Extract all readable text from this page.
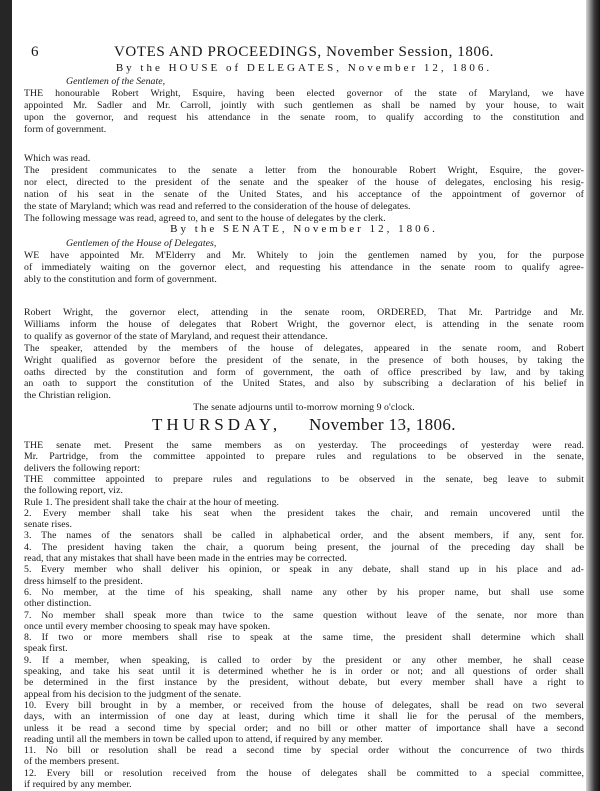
6	VOTES AND PROCEEDINGS, November Session, 1806.
By the HOUSE of DELEGATES, November 12, 1806.
Gentlemen of the Senate,
THE honourable Robert Wright, Esquire, having been elected governor of the state of Maryland, we have
appointed Mr. Sadler and Mr. Carroll, jointly with such gentlemen as shall be named by your house, to wait
upon the governor, and request his attendance in the senate room, to qualify according to the constitution and
form of government.
Which was read.
The president communicates to the senate a letter from the honourable Robert Wright, Esquire, the gover-
nor elect, directed to the president of the senate and the speaker of the house of delegates, enclosing his resig-
nation of his seat in the senate of the United States, and his acceptance of the appointment of governor of
the state of Maryland; which was read and referred to the consideration of the house of delegates.
The following message was read, agreed to, and sent to the house of delegates by the clerk.
By the SENATE, November 12, 1806.
Gentlemen of the House of Delegates,
WE have appointed Mr. M'Elderry and Mr. Whitely to join the gentlemen named by you, for the purpose
of immediately waiting on the governor elect, and requesting his attendance in the senate room to qualify agree-
ably to the constitution and form of government.
Robert Wright, the governor elect, attending in the senate room, ORDERED, That Mr. Partridge and Mr.
Williams inform the house of delegates that Robert Wright, the governor elect, is attending in the senate room
to qualify as governor of the state of Maryland, and request their attendance.
The speaker, attended by the members of the house of delegates, appeared in the senate room, and Robert
Wright qualified as governor before the president of the senate, in the presence of both houses, by taking the
oaths directed by the constitution and form of government, the oath of office prescribed by law, and by taking
an oath to support the constitution of the United States, and also by subscribing a declaration of his belief in
the Christian religion.
The senate adjourns until to-morrow morning 9 o'clock.
THURSDAY, November 13, 1806.
THE senate met. Present the same members as on yesterday. The proceedings of yesterday were read.
Mr. Partridge, from the committee appointed to prepare rules and regulations to be observed in the senate,
delivers the following report:
THE committee appointed to prepare rules and regulations to be observed in the senate, beg leave to submit
the following report, viz.
Rule 1. The president shall take the chair at the hour of meeting.
2. Every member shall take his seat when the president takes the chair, and remain uncovered until the
senate rises.
3. The names of the senators shall be called in alphabetical order, and the absent members, if any, sent for.
4. The president having taken the chair, a quorum being present, the journal of the preceding day shall be
read, that any mistakes that shall have been made in the entries may be corrected.
5. Every member who shall deliver his opinion, or speak in any debate, shall stand up in his place and ad-
dress himself to the president.
6. No member, at the time of his speaking, shall name any other by his proper name, but shall use some
other distinction.
7. No member shall speak more than twice to the same question without leave of the senate, nor more than
once until every member choosing to speak may have spoken.
8. If two or more members shall rise to speak at the same time, the president shall determine which shall
speak first.
9. If a member, when speaking, is called to order by the president or any other member, he shall cease
speaking, and take his seat until it is determined whether he is in order or not; and all questions of order shall
be determined in the first instance by the president, without debate, but every member shall have a right to
appeal from his decision to the judgment of the senate.
10. Every bill brought in by a member, or received from the house of delegates, shall be read on two several
days, with an intermission of one day at least, during which time it shall lie for the perusal of the members,
unless it be read a second time by special order; and no bill or other matter of importance shall have a second
reading until all the members in town be called upon to attend, if required by any member.
11. No bill or resolution shall be read a second time by special order without the concurrence of two thirds
of the members present.
12. Every bill or resolution received from the house of delegates shall be committed to a special committee,
if required by any member.
